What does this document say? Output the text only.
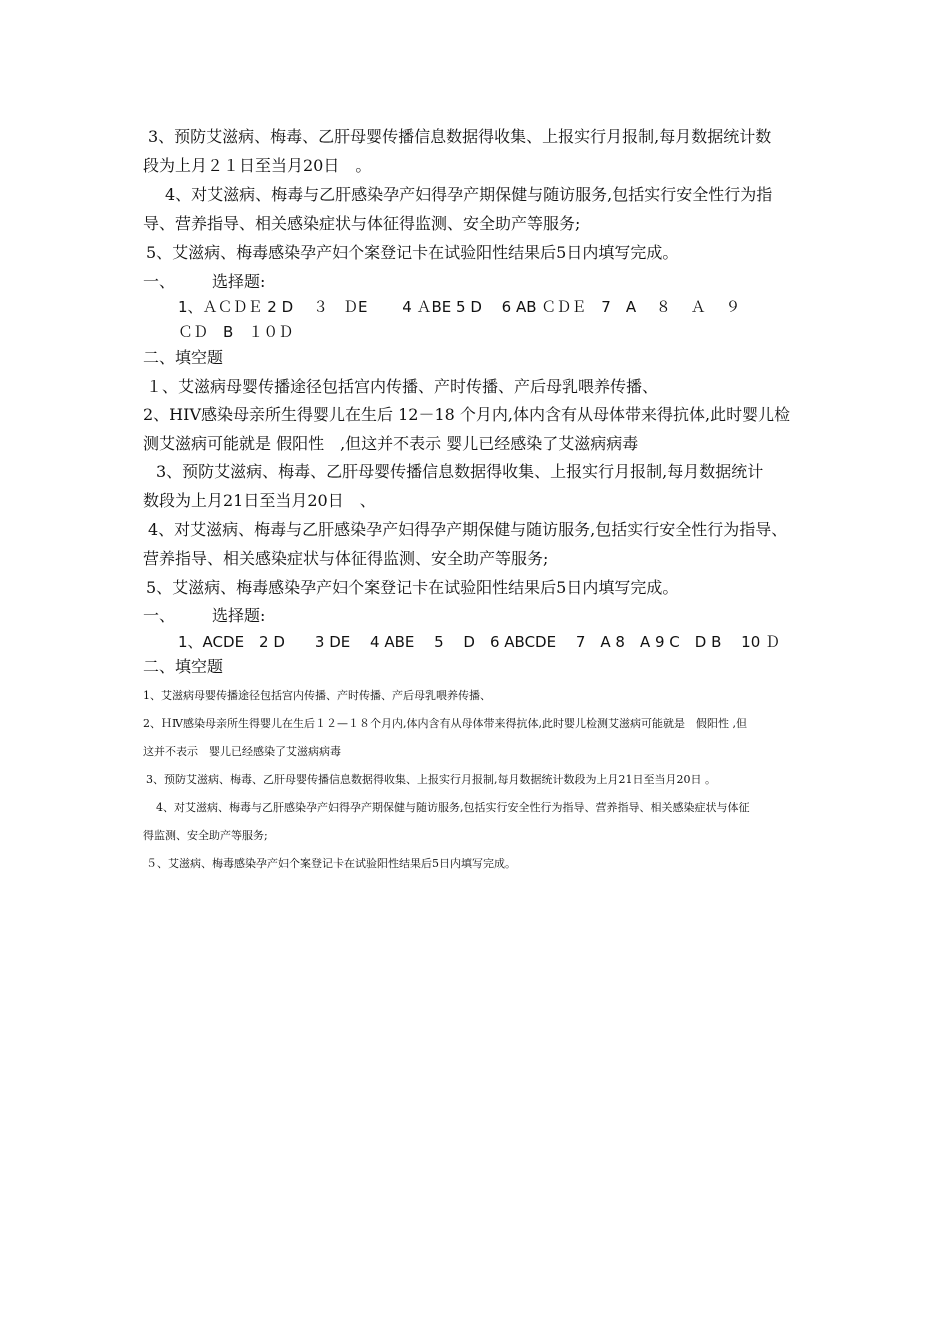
3、预防艾滋病、梅毒、乙肝母婴传播信息数据得收集、上报实行月报制,每月数据统计数
段为上月２１日至当月20日　。
4、对艾滋病、梅毒与乙肝感染孕产妇得孕产期保健与随访服务,包括实行安全性行为指
导、营养指导、相关感染症状与体征得监测、安全助产等服务;
5、艾滋病、梅毒感染孕产妇个案登记卡在试验阳性结果后5日内填写完成。
一、 选择题:
1、ＡＣＤＥ 2 D　 ３　ＤE　　 4 ＡBE 5 D　 6 AB ＣＤＥ　7　A　 ８　 Ａ　 ９
ＣＤ　B　１０Ｄ
二、填空题
１、艾滋病母婴传播途径包括宫内传播、产时传播、产后母乳喂养传播、
2、HIV感染母亲所生得婴儿在生后 12－18 个月内,体内含有从母体带来得抗体,此时婴儿检
测艾滋病可能就是 假阳性　,但这并不表示 婴儿已经感染了艾滋病病毒
3、预防艾滋病、梅毒、乙肝母婴传播信息数据得收集、上报实行月报制,每月数据统计
数段为上月21日至当月20日　、
4、对艾滋病、梅毒与乙肝感染孕产妇得孕产期保健与随访服务,包括实行安全性行为指导、
营养指导、相关感染症状与体征得监测、安全助产等服务;
5、艾滋病、梅毒感染孕产妇个案登记卡在试验阳性结果后5日内填写完成。
一、 选择题:
1、ACDE　2 D　　3 DE　 4 ABE　 5　 D　6 ABCDE　 7　A 8　A 9 C　D B　 10 Ｄ
二、填空题
1、艾滋病母婴传播途径包括宫内传播、产时传播、产后母乳喂养传播、
2、ＨⅣ感染母亲所生得婴儿在生后１２—１８个月内,体内含有从母体带来得抗体,此时婴儿检测艾滋病可能就是　假阳性 ,但
这并不表示　婴儿已经感染了艾滋病病毒
3、预防艾滋病、梅毒、乙肝母婴传播信息数据得收集、上报实行月报制,每月数据统计数段为上月21日至当月20日 。
4、对艾滋病、梅毒与乙肝感染孕产妇得孕产期保健与随访服务,包括实行安全性行为指导、营养指导、相关感染症状与体征
得监测、安全助产等服务;
５、艾滋病、梅毒感染孕产妇个案登记卡在试验阳性结果后5日内填写完成。
